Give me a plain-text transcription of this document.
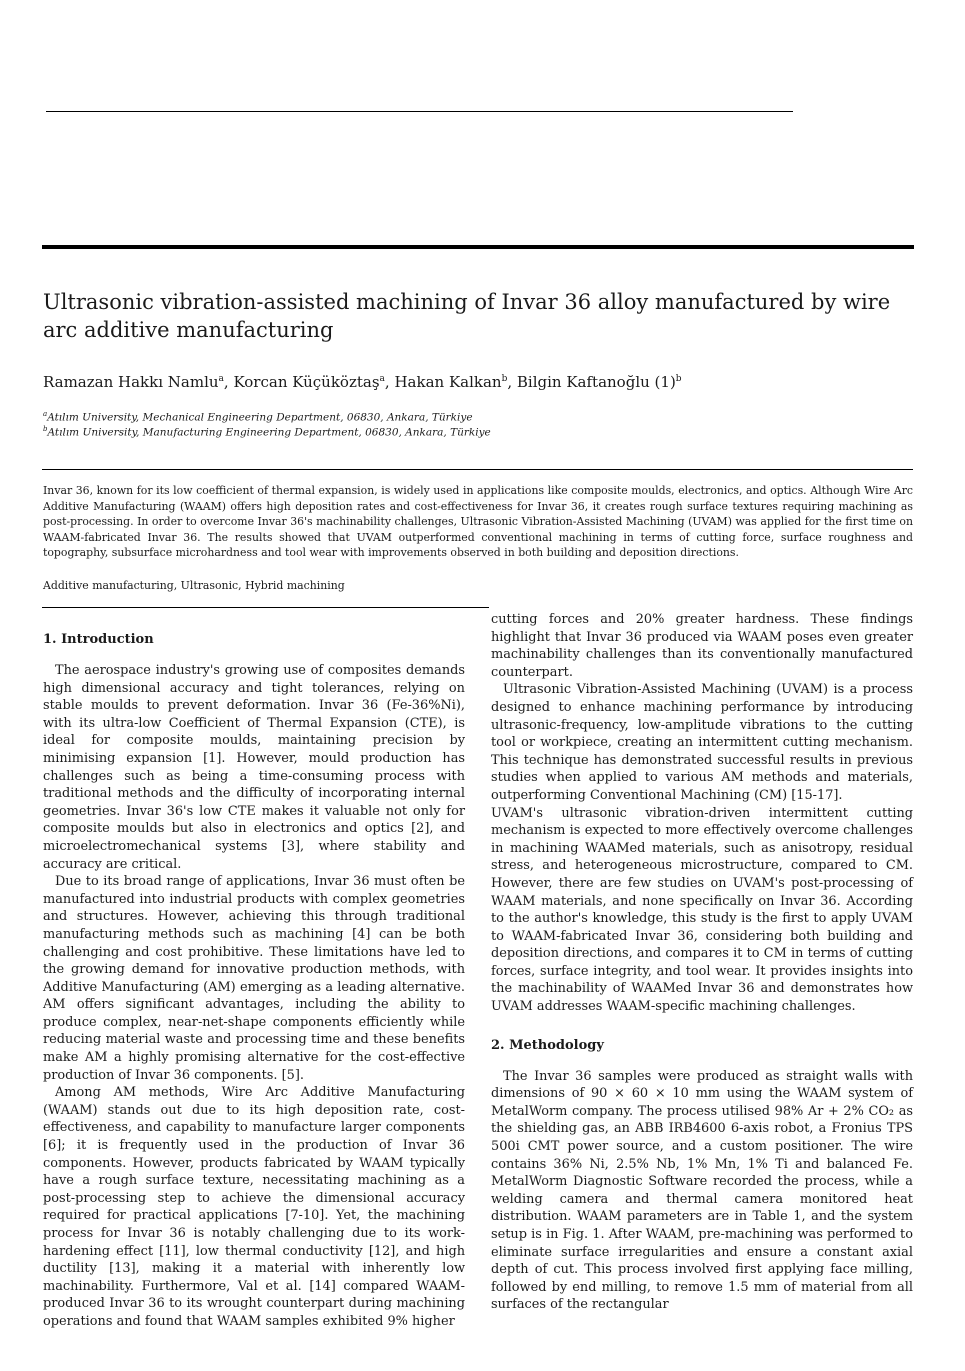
Ultrasonic vibration-assisted machining of Invar 36 alloy manufactured by wire arc additive manufacturing
Ramazan Hakkı Namlu$^a$, Korcan Küçüköztaş$^a$, Hakan Kalkan$^b$, Bilgin Kaftanoğlu $(1)^b$
$^a$Atılım University, Mechanical Engineering Department, 06830, Ankara, Türkiye
$^b$Atılım University, Manufacturing Engineering Department, 06830, Ankara, Türkiye

Invar 36, known for its low coefficient of thermal expansion, is widely used in applications like composite moulds, electronics, and optics. Although Wire Arc Additive Manufacturing (WAAM) offers high deposition rates and cost-effectiveness for Invar 36, it creates rough surface textures requiring machining as post-processing. In order to overcome Invar 36's machinability challenges, Ultrasonic Vibration-Assisted Machining (UVAM) was applied for the first time on WAAM-fabricated Invar 36. The results showed that UVAM outperformed conventional machining in terms of cutting force, surface roughness and topography, subsurface microhardness and tool wear with improvements observed in both building and deposition directions.

Additive manufacturing, Ultrasonic, Hybrid machining
1. Introduction

The aerospace industry's growing use of composites demands high dimensional accuracy and tight tolerances, relying on stable moulds to prevent deformation. Invar 36 (Fe-36%Ni), with its ultra-low Coefficient of Thermal Expansion (CTE), is ideal for composite moulds, maintaining precision by minimising expansion [1]. However, mould production has challenges such as being a time-consuming process with traditional methods and the difficulty of incorporating internal geometries. Invar 36's low CTE makes it valuable not only for composite moulds but also in electronics and optics [2], and microelectromechanical systems [3], where stability and accuracy are critical.

Due to its broad range of applications, Invar 36 must often be manufactured into industrial products with complex geometries and structures. However, achieving this through traditional manufacturing methods such as machining [4] can be both challenging and cost prohibitive. These limitations have led to the growing demand for innovative production methods, with Additive Manufacturing (AM) emerging as a leading alternative. AM offers significant advantages, including the ability to produce complex, near-net-shape components efficiently while reducing material waste and processing time and these benefits make AM a highly promising alternative for the cost-effective production of Invar 36 components. [5].

Among AM methods, Wire Arc Additive Manufacturing (WAAM) stands out due to its high deposition rate, cost-effectiveness, and capability to manufacture larger components [6]; it is frequently used in the production of Invar 36 components. However, products fabricated by WAAM typically have a rough surface texture, necessitating machining as a post-processing step to achieve the dimensional accuracy required for practical applications [7-10]. Yet, the machining process for Invar 36 is notably challenging due to its work-hardening effect [11], low thermal conductivity [12], and high ductility [13], making it a material with inherently low machinability. Furthermore, Val et al. [14] compared WAAM-produced Invar 36 to its wrought counterpart during machining operations and found that WAAM samples exhibited 9% higher

cutting forces and 20% greater hardness. These findings highlight that Invar 36 produced via WAAM poses even greater machinability challenges than its conventionally manufactured counterpart.

Ultrasonic Vibration-Assisted Machining (UVAM) is a process designed to enhance machining performance by introducing ultrasonic-frequency, low-amplitude vibrations to the cutting tool or workpiece, creating an intermittent cutting mechanism. This technique has demonstrated successful results in previous studies when applied to various AM methods and materials, outperforming Conventional Machining (CM) [15-17].

UVAM's ultrasonic vibration-driven intermittent cutting mechanism is expected to more effectively overcome challenges in machining WAAMed materials, such as anisotropy, residual stress, and heterogeneous microstructure, compared to CM. However, there are few studies on UVAM's post-processing of WAAM materials, and none specifically on Invar 36. According to the author's knowledge, this study is the first to apply UVAM to WAAM-fabricated Invar 36, considering both building and deposition directions, and compares it to CM in terms of cutting forces, surface integrity, and tool wear. It provides insights into the machinability of WAAMed Invar 36 and demonstrates how UVAM addresses WAAM-specific machining challenges.

2. Methodology

The Invar 36 samples were produced as straight walls with dimensions of 90 × 60 × 10 mm using the WAAM system of MetalWorm company. The process utilised 98% Ar + 2% CO₂ as the shielding gas, an ABB IRB4600 6-axis robot, a Fronius TPS 500i CMT power source, and a custom positioner. The wire contains 36% Ni, 2.5% Nb, 1% Mn, 1% Ti and balanced Fe. MetalWorm Diagnostic Software recorded the process, while a welding camera and thermal camera monitored heat distribution. WAAM parameters are in Table 1, and the system setup is in Fig. 1. After WAAM, pre-machining was performed to eliminate surface irregularities and ensure a constant axial depth of cut. This process involved first applying face milling, followed by end milling, to remove 1.5 mm of material from all surfaces of the rectangular
